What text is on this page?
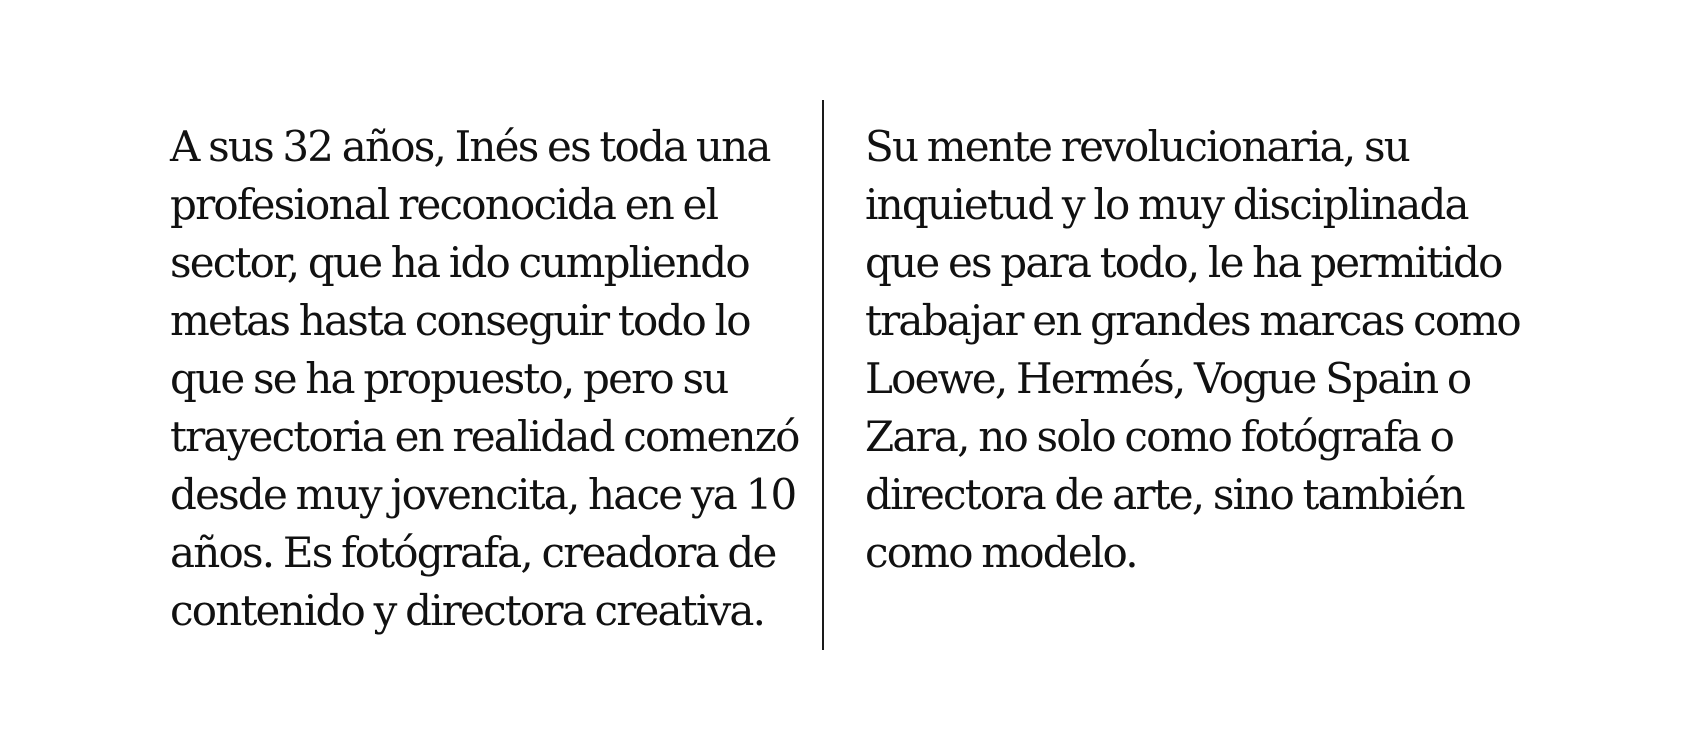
A sus 32 años, Inés es toda una
profesional reconocida en el
sector, que ha ido cumpliendo
metas hasta conseguir todo lo
que se ha propuesto, pero su
trayectoria en realidad comenzó
desde muy jovencita, hace ya 10
años. Es fotógrafa, creadora de
contenido y directora creativa.
Su mente revolucionaria, su
inquietud y lo muy disciplinada
que es para todo, le ha permitido
trabajar en grandes marcas como
Loewe, Hermés, Vogue Spain o
Zara, no solo como fotógrafa o
directora de arte, sino también
como modelo.
